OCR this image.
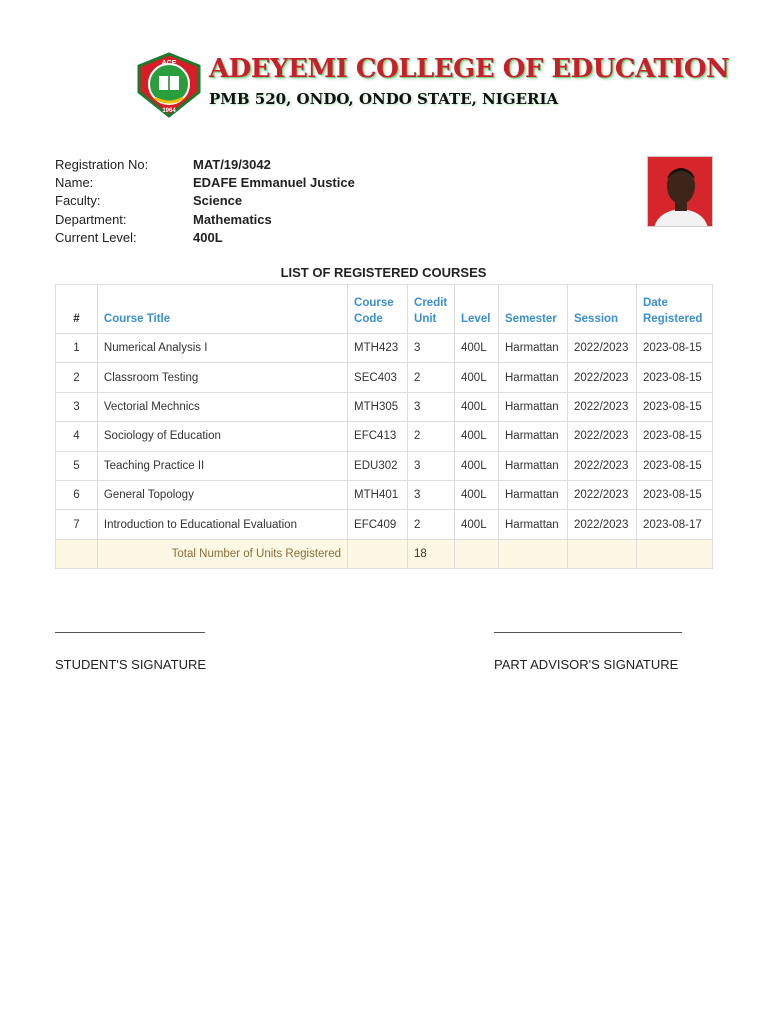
ACE
1964
ADEYEMI COLLEGE OF EDUCATION
PMB 520, ONDO, ONDO STATE, NIGERIA
Registration No:	MAT/19/3042
Name:	EDAFE Emmanuel Justice
Faculty:	Science
Department:	Mathematics
Current Level:	400L
LIST OF REGISTERED COURSES
#	Course Title	Course Code	Credit Unit	Level	Semester	Session	Date Registered
1	Numerical Analysis I	MTH423	3	400L	Harmattan	2022/2023	2023-08-15
2	Classroom Testing	SEC403	2	400L	Harmattan	2022/2023	2023-08-15
3	Vectorial Mechnics	MTH305	3	400L	Harmattan	2022/2023	2023-08-15
4	Sociology of Education	EFC413	2	400L	Harmattan	2022/2023	2023-08-15
5	Teaching Practice II	EDU302	3	400L	Harmattan	2022/2023	2023-08-15
6	General Topology	MTH401	3	400L	Harmattan	2022/2023	2023-08-15
7	Introduction to Educational Evaluation	EFC409	2	400L	Harmattan	2022/2023	2023-08-17
	Total Number of Units Registered		18				
STUDENT'S SIGNATURE	PART ADVISOR'S SIGNATURE
